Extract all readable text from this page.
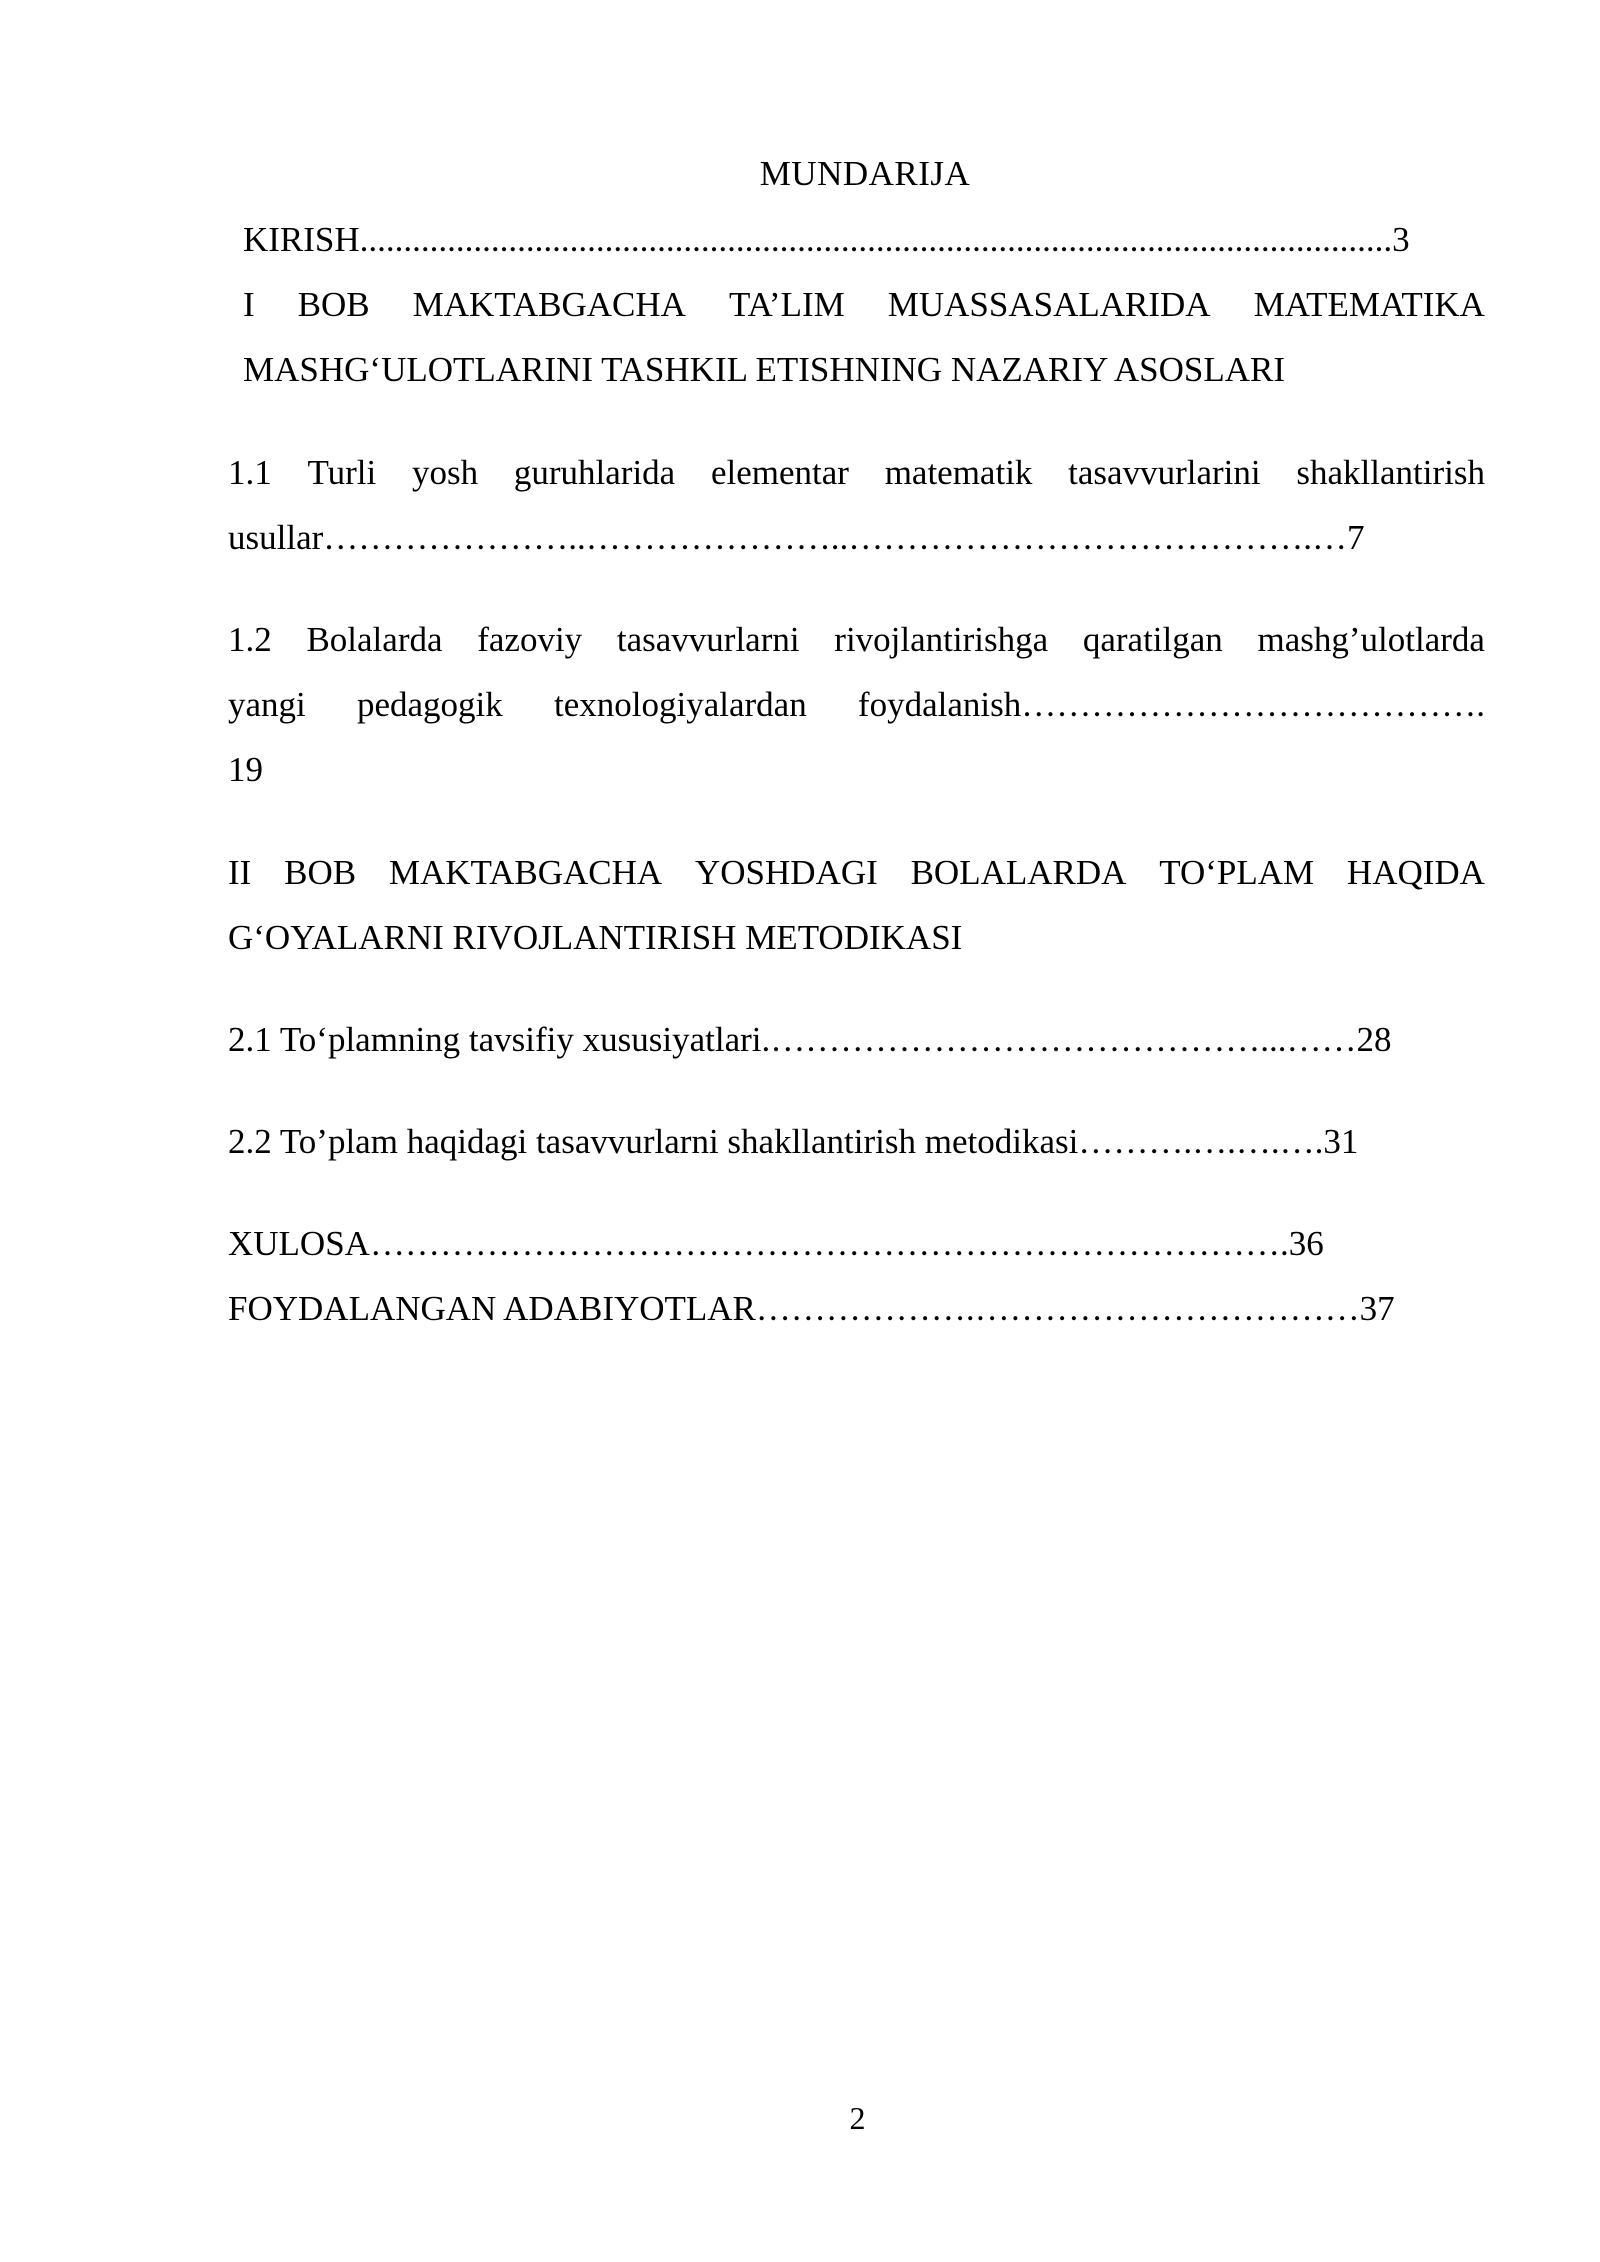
MUNDARIJA
KIRISH......................................................................................................................3
I BOB MAKTABGACHA TA’LIM MUASSASALARIDA MATEMATIKA
MASHG‘ULOTLARINI TASHKIL ETISHNING NAZARIY ASOSLARI
1.1 Turli yosh guruhlarida elementar matematik tasavvurlarini shakllantirish
usullar…………………..…………………..………………………………….…7
1.2 Bolalarda fazoviy tasavvurlarni rivojlantirishga qaratilgan mashg’ulotlarda
yangi pedagogik texnologiyalardan foydalanish………………………………….
19
II BOB MAKTABGACHA YOSHDAGI BOLALARDA TO‘PLAM HAQIDA
G‘OYALARNI RIVOJLANTIRISH METODIKASI
2.1 To‘plamning tavsifiy xususiyatlari.……………………………………...……28
2.2 To’plam haqidagi tasavvurlarni shakllantirish metodikasi……….….….….31
XULOSA…………………………………………………………………….36
FOYDALANGAN ADABIYOTLAR……………….……………………………37
2
